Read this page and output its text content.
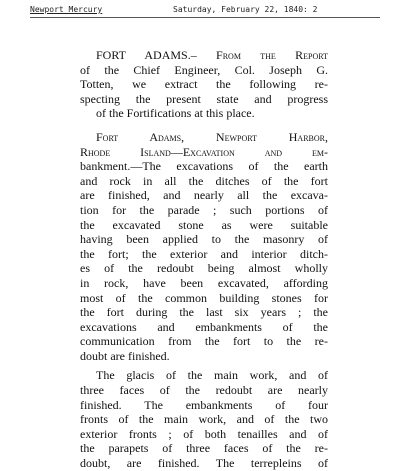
Newport Mercury	Saturday, February 22, 1840: 2

FORT ADAMS.– From the Report
of the Chief Engineer, Col. Joseph G.
Totten, we extract the following re-
specting the present state and progress
of the Fortifications at this place.

Fort Adams, Newport Harbor,
Rhode Island—Excavation and em-
bankment.—The excavations of the earth
and rock in all the ditches of the fort
are finished, and nearly all the excava-
tion for the parade ; such portions of
the excavated stone as were suitable
having been applied to the masonry of
the fort; the exterior and interior ditch-
es of the redoubt being almost wholly
in rock, have been excavated, affording
most of the common building stones for
the fort during the last six years ; the
excavations and embankments of the
communication from the fort to the re-
doubt are finished.

The glacis of the main work, and of
three faces of the redoubt are nearly
finished. The embankments of four
fronts of the main work, and of the two
exterior fronts ; of both tenailles and of
the parapets of three faces of the re-
doubt, are finished. The terrepleins of
